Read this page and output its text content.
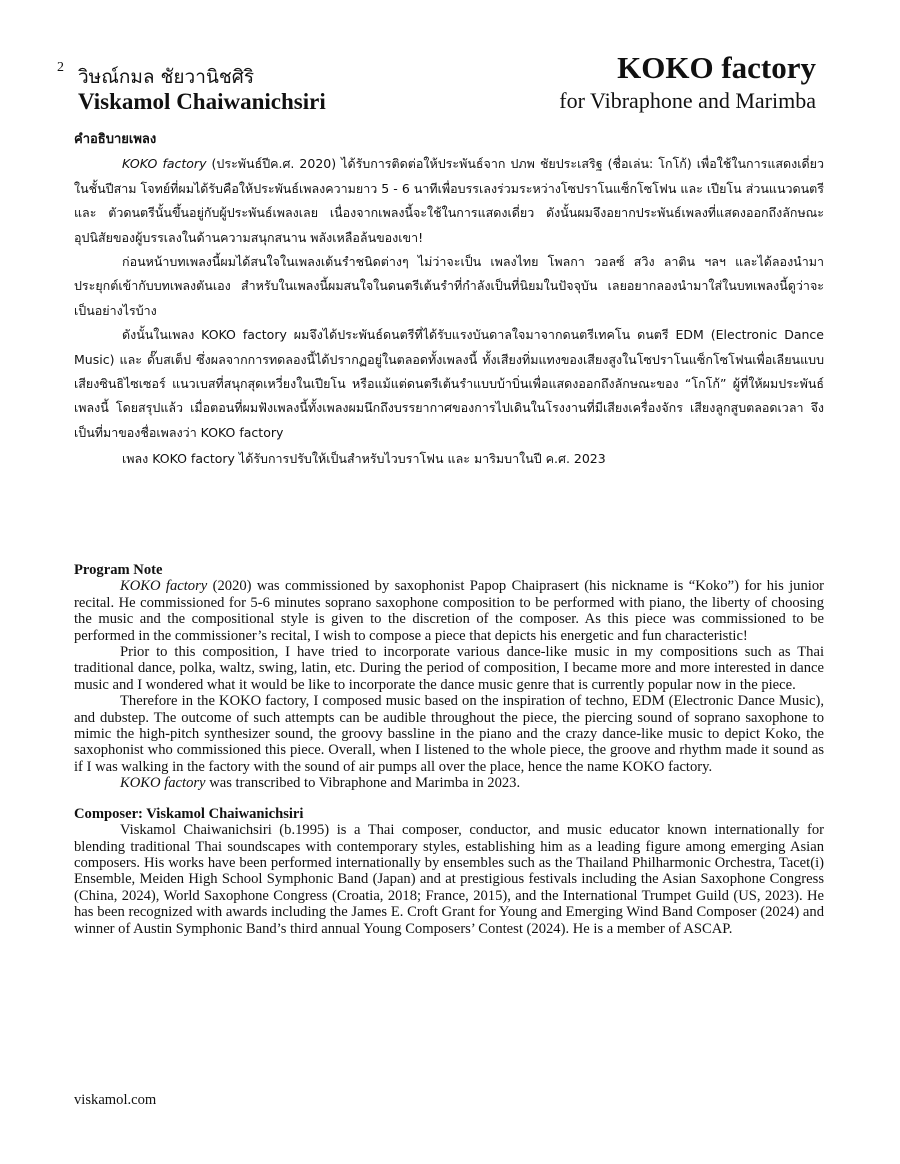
2 วิษณ์กมล ชัยวานิชศิริ
Viskamol Chaiwanichsiri
KOKO factory
for Vibraphone and Marimba
คำอธิบายเพลง

KOKO factory (ประพันธ์ปีค.ศ. 2020) ได้รับการติดต่อให้ประพันธ์จาก ปภพ ชัยประเสริฐ (ชื่อเล่น: โกโก้) เพื่อใช้ในการแสดงเดี่ยวในชั้นปีสาม โจทย์ที่ผมได้รับคือให้ประพันธ์เพลงความยาว 5 - 6 นาทีเพื่อบรรเลงร่วมระหว่างโซปราโนแซ็กโซโฟน และ เปียโน ส่วนแนวดนตรี และ ตัวดนตรีนั้นขึ้นอยู่กับผู้ประพันธ์เพลงเลย เนื่องจากเพลงนี้จะใช้ในการแสดงเดี่ยว ดังนั้นผมจึงอยากประพันธ์เพลงที่แสดงออกถึงลักษณะ อุปนิสัยของผู้บรรเลงในด้านความสนุกสนาน พลังเหลือล้นของเขา!

ก่อนหน้าบทเพลงนี้ผมได้สนใจในเพลงเต้นรำชนิดต่างๆ ไม่ว่าจะเป็น เพลงไทย โพลกา วอลซ์ สวิง ลาติน ฯลฯ และได้ลองนำมาประยุกต์เข้ากับบทเพลงตันเอง สำหรับในเพลงนี้ผมสนใจในดนตรีเต้นรำที่กำลังเป็นที่นิยมในปัจจุบัน เลยอยากลองนำมาใส่ในบทเพลงนี้ดูว่าจะเป็นอย่างไรบ้าง

ดังนั้นในเพลง KOKO factory ผมจึงได้ประพันธ์ดนตรีที่ได้รับแรงบันดาลใจมาจากดนตรีเทคโน ดนตรี EDM (Electronic Dance Music) และ ดั๊บสเต็ป ซึ่งผลจากการทดลองนี้ได้ปรากฏอยู่ในตลอดทั้งเพลงนี้ ทั้งเสียงทิ่มแทงของเสียงสูงในโซปราโนแซ็กโซโฟนเพื่อเลียนแบบเสียงซินธิไซเซอร์ แนวเบสที่สนุกสุดเหวี่ยงในเปียโน หรือแม้แต่ดนตรีเต้นรำแบบบ้าบิ่นเพื่อแสดงออกถึงลักษณะของ “โกโก้” ผู้ที่ให้ผมประพันธ์เพลงนี้ โดยสรุปแล้ว เมื่อตอนที่ผมฟังเพลงนี้ทั้งเพลงผมนึกถึงบรรยากาศของการไปเดินในโรงงานที่มีเสียงเครื่องจักร เสียงลูกสูบตลอดเวลา จึงเป็นที่มาของชื่อเพลงว่า KOKO factory

เพลง KOKO factory ได้รับการปรับให้เป็นสำหรับไวบราโฟน และ มาริมบาในปี ค.ศ. 2023

Program Note

KOKO factory (2020) was commissioned by saxophonist Papop Chaiprasert (his nickname is “Koko”) for his junior recital. He commissioned for 5-6 minutes soprano saxophone composition to be performed with piano, the liberty of choosing the music and the compositional style is given to the discretion of the composer. As this piece was commissioned to be performed in the commissioner’s recital, I wish to compose a piece that depicts his energetic and fun characteristic!

Prior to this composition, I have tried to incorporate various dance-like music in my compositions such as Thai traditional dance, polka, waltz, swing, latin, etc. During the period of composition, I became more and more interested in dance music and I wondered what it would be like to incorporate the dance music genre that is currently popular now in the piece.

Therefore in the KOKO factory, I composed music based on the inspiration of techno, EDM (Electronic Dance Music), and dubstep. The outcome of such attempts can be audible throughout the piece, the piercing sound of soprano saxophone to mimic the high-pitch synthesizer sound, the groovy bassline in the piano and the crazy dance-like music to depict Koko, the saxophonist who commissioned this piece. Overall, when I listened to the whole piece, the groove and rhythm made it sound as if I was walking in the factory with the sound of air pumps all over the place, hence the name KOKO factory.

KOKO factory was transcribed to Vibraphone and Marimba in 2023.

Composer: Viskamol Chaiwanichsiri

Viskamol Chaiwanichsiri (b.1995) is a Thai composer, conductor, and music educator known internationally for blending traditional Thai soundscapes with contemporary styles, establishing him as a leading figure among emerging Asian composers. His works have been performed internationally by ensembles such as the Thailand Philharmonic Orchestra, Tacet(i) Ensemble, Meiden High School Symphonic Band (Japan) and at prestigious festivals including the Asian Saxophone Congress (China, 2024), World Saxophone Congress (Croatia, 2018; France, 2015), and the International Trumpet Guild (US, 2023). He has been recognized with awards including the James E. Croft Grant for Young and Emerging Wind Band Composer (2024) and winner of Austin Symphonic Band’s third annual Young Composers’ Contest (2024). He is a member of ASCAP.

viskamol.com
